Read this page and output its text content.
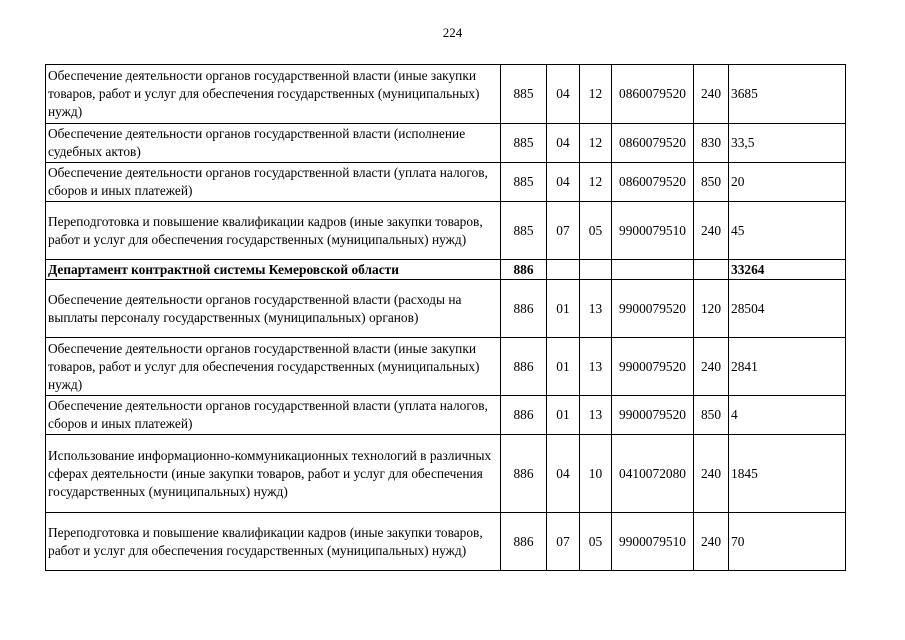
224
Обеспечение деятельности органов государственной власти (иные закупки товаров, работ и услуг для обеспечения государственных (муниципальных) нужд)	885	04	12	0860079520	240	3685
Обеспечение деятельности органов государственной власти (исполнение судебных актов)	885	04	12	0860079520	830	33,5
Обеспечение деятельности органов государственной власти (уплата налогов, сборов и иных платежей)	885	04	12	0860079520	850	20
Переподготовка и повышение квалификации кадров (иные закупки товаров, работ и услуг для обеспечения государственных (муниципальных) нужд)	885	07	05	9900079510	240	45
Департамент контрактной системы Кемеровской области	886					33264
Обеспечение деятельности органов государственной власти (расходы на выплаты персоналу государственных (муниципальных) органов)	886	01	13	9900079520	120	28504
Обеспечение деятельности органов государственной власти (иные закупки товаров, работ и услуг для обеспечения государственных (муниципальных) нужд)	886	01	13	9900079520	240	2841
Обеспечение деятельности органов государственной власти (уплата налогов, сборов и иных платежей)	886	01	13	9900079520	850	4
Использование информационно-коммуникационных технологий в различных сферах деятельности (иные закупки товаров, работ и услуг для обеспечения государственных (муниципальных) нужд)	886	04	10	0410072080	240	1845
Переподготовка и повышение квалификации кадров (иные закупки товаров, работ и услуг для обеспечения государственных (муниципальных) нужд)	886	07	05	9900079510	240	70
